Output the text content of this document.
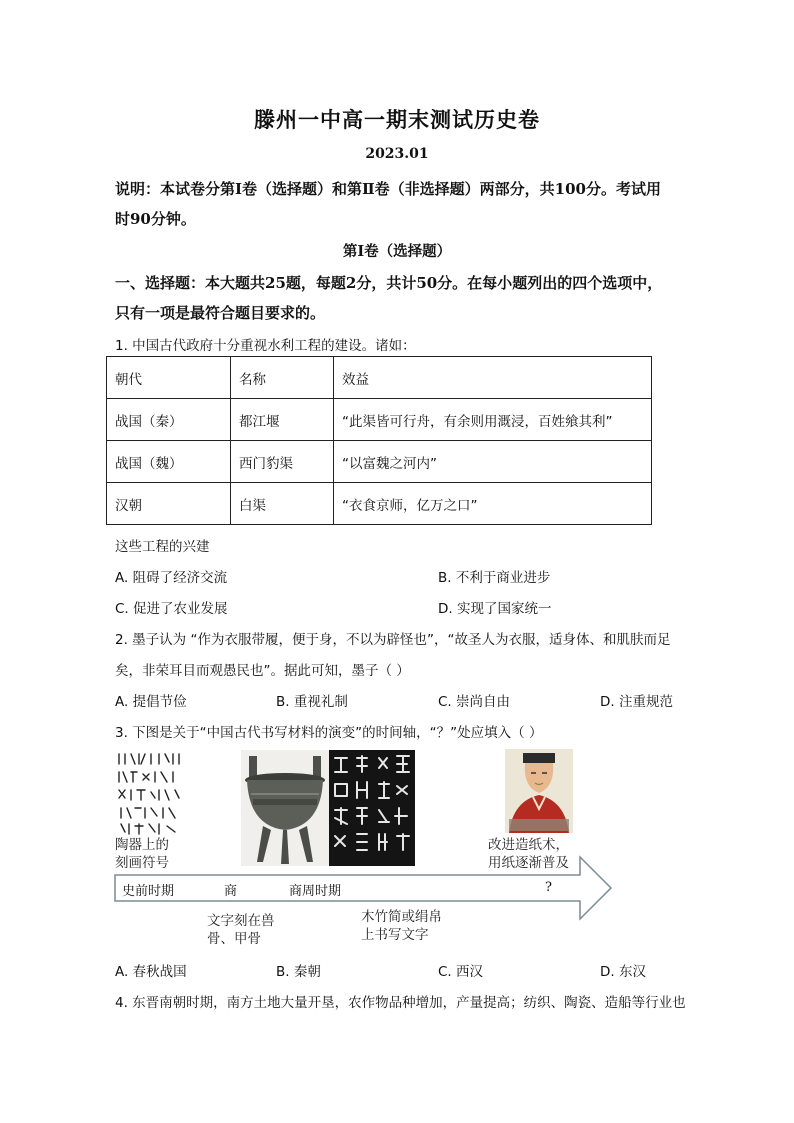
滕州一中高一期末测试历史卷
2023.01
说明：本试卷分第Ⅰ卷（选择题）和第Ⅱ卷（非选择题）两部分，共100分。考试用
时90分钟。
第Ⅰ卷（选择题）
一、选择题：本大题共25题，每题2分，共计50分。在每小题列出的四个选项中，
只有一项是最符合题目要求的。
1. 中国古代政府十分重视水利工程的建设。诸如：
朝代	名称	效益
战国（秦）	都江堰	“此渠皆可行舟，有余则用溉浸，百姓飨其利”
战国（魏）	西门豹渠	“以富魏之河内”
汉朝	白渠	“衣食京师，亿万之口”
这些工程的兴建
A. 阻碍了经济交流	B. 不利于商业进步
C. 促进了农业发展	D. 实现了国家统一
2. 墨子认为 “作为衣服带履，便于身，不以为辟怪也”，“故圣人为衣服，适身体、和肌肤而足
矣，非荣耳目而观愚民也”。据此可知，墨子（ ）
A. 提倡节俭	B. 重视礼制	C. 崇尚自由	D. 注重规范
3. 下图是关于“中国古代书写材料的演变”的时间轴，“？”处应填入（ ）
陶器上的
刻画符号
改进造纸术，
用纸逐渐普及
史前时期	商	商周时期	?
文字刻在兽
骨、甲骨
木竹简或绢帛
上书写文字
A. 春秋战国	B. 秦朝	C. 西汉	D. 东汉
4. 东晋南朝时期，南方土地大量开垦，农作物品种增加，产量提高；纺织、陶瓷、造船等行业也
